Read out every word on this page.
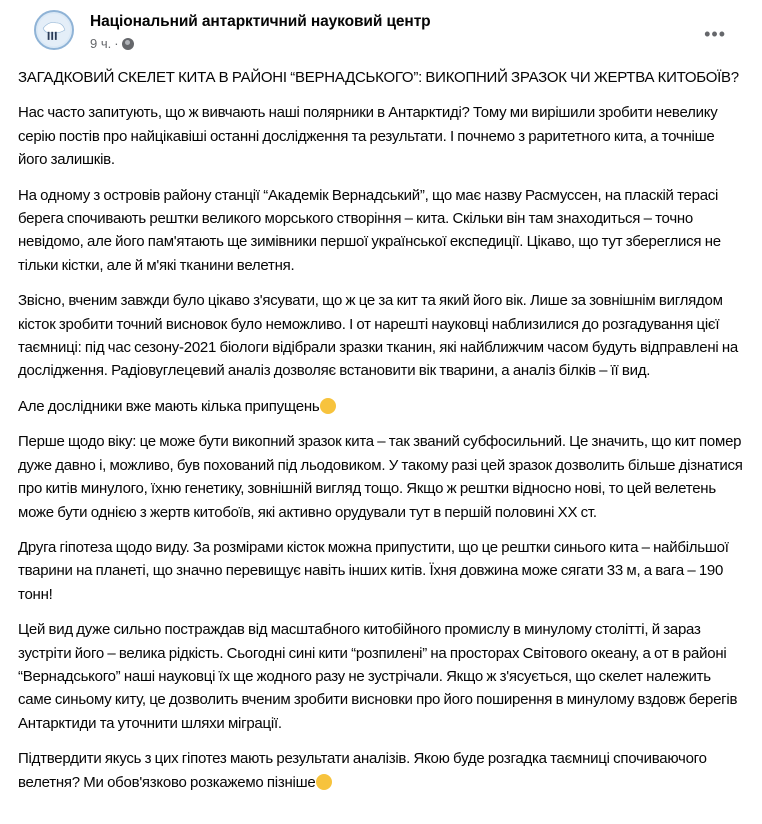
Національний антарктичний науковий центр
9 ч. ·	•••

ЗАГАДКОВИЙ СКЕЛЕТ КИТА В РАЙОНІ “ВЕРНАДСЬКОГО”: ВИКОПНИЙ ЗРАЗОК ЧИ ЖЕРТВА КИТОБОЇВ?

Нас часто запитують, що ж вивчають наші полярники в Антарктиді? Тому ми вирішили зробити невелику серію постів про найцікавіші останні дослідження та результати. І почнемо з раритетного кита, а точніше його залишків.

На одному з островів району станції “Академік Вернадський”, що має назву Расмуссен, на пласкій терасі берега спочивають рештки великого морського створіння – кита. Скільки він там знаходиться – точно невідомо, але його пам'ятають ще зимівники першої української експедиції. Цікаво, що тут збереглися не тільки кістки, але й м'які тканини велетня.

Звісно, вченим завжди було цікаво з'ясувати, що ж це за кит та який його вік. Лише за зовнішнім виглядом кісток зробити точний висновок було неможливо. І от нарешті науковці наблизилися до розгадування цієї таємниці: під час сезону-2021 біологи відібрали зразки тканин, які найближчим часом будуть відправлені на дослідження. Радіовуглецевий аналіз дозволяє встановити вік тварини, а аналіз білків – її вид.

Але дослідники вже мають кілька припущень

Перше щодо віку: це може бути викопний зразок кита – так званий субфосильний. Це значить, що кит помер дуже давно і, можливо, був похований під льодовиком. У такому разі цей зразок дозволить більше дізнатися про китів минулого, їхню генетику, зовнішній вигляд тощо. Якщо ж рештки відносно нові, то цей велетень може бути однією з жертв китобоїв, які активно орудували тут в першій половині ХХ ст.

Друга гіпотеза щодо виду. За розмірами кісток можна припустити, що це рештки синього кита – найбільшої тварини на планеті, що значно перевищує навіть інших китів. Їхня довжина може сягати 33 м, а вага – 190 тонн!

Цей вид дуже сильно постраждав від масштабного китобійного промислу в минулому столітті, й зараз зустріти його – велика рідкість. Сьогодні сині кити “розпилені” на просторах Світового океану, а от в районі “Вернадського” наші науковці їх ще жодного разу не зустрічали. Якщо ж з'ясується, що скелет належить саме синьому киту, це дозволить вченим зробити висновки про його поширення в минулому вздовж берегів Антарктиди та уточнити шляхи міграції.

Підтвердити якусь з цих гіпотез мають результати аналізів. Якою буде розгадка таємниці спочиваючого велетня? Ми обов'язково розкажемо пізніше
